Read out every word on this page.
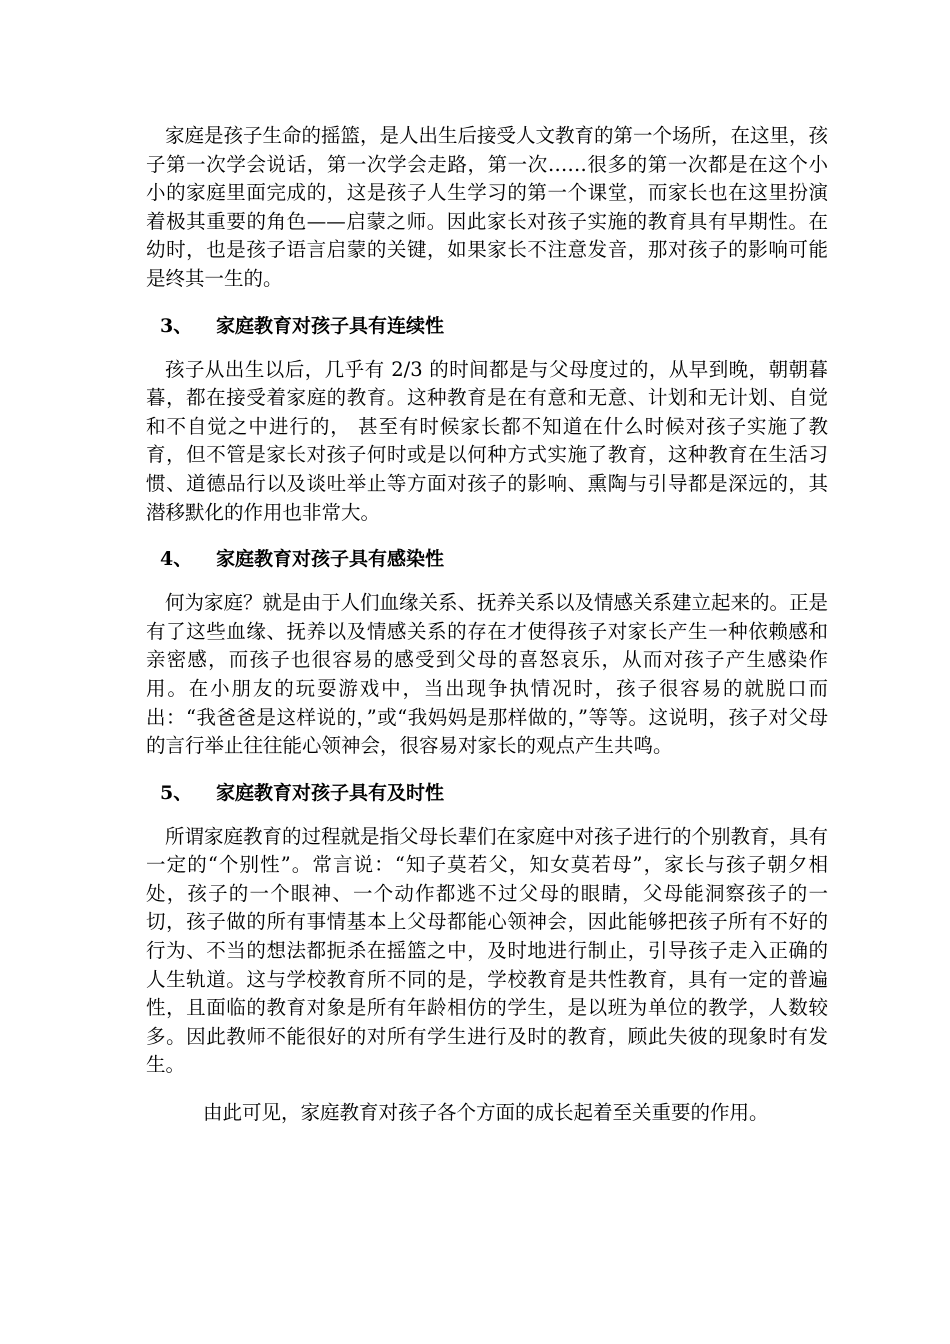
家庭是孩子生命的摇篮，是人出生后接受人文教育的第一个场所，在这里，孩子第一次学会说话，第一次学会走路，第一次……很多的第一次都是在这个小小的家庭里面完成的，这是孩子人生学习的第一个课堂，而家长也在这里扮演着极其重要的角色——启蒙之师。因此家长对孩子实施的教育具有早期性。在幼时，也是孩子语言启蒙的关键，如果家长不注意发音，那对孩子的影响可能是终其一生的。

3、	家庭教育对孩子具有连续性

孩子从出生以后，几乎有 2/3 的时间都是与父母度过的，从早到晚，朝朝暮暮，都在接受着家庭的教育。这种教育是在有意和无意、计划和无计划、自觉和不自觉之中进行的， 甚至有时候家长都不知道在什么时候对孩子实施了教育，但不管是家长对孩子何时或是以何种方式实施了教育，这种教育在生活习惯、道德品行以及谈吐举止等方面对孩子的影响、熏陶与引导都是深远的，其潜移默化的作用也非常大。

4、	家庭教育对孩子具有感染性

何为家庭？就是由于人们血缘关系、抚养关系以及情感关系建立起来的。正是有了这些血缘、抚养以及情感关系的存在才使得孩子对家长产生一种依赖感和亲密感，而孩子也很容易的感受到父母的喜怒哀乐，从而对孩子产生感染作用。在小朋友的玩耍游戏中，当出现争执情况时，孩子很容易的就脱口而出：“我爸爸是这样说的，”或“我妈妈是那样做的，”等等。这说明，孩子对父母的言行举止往往能心领神会，很容易对家长的观点产生共鸣。

5、	家庭教育对孩子具有及时性

所谓家庭教育的过程就是指父母长辈们在家庭中对孩子进行的个别教育，具有一定的“个别性”。常言说：“知子莫若父，知女莫若母”，家长与孩子朝夕相处，孩子的一个眼神、一个动作都逃不过父母的眼睛，父母能洞察孩子的一切，孩子做的所有事情基本上父母都能心领神会，因此能够把孩子所有不好的行为、不当的想法都扼杀在摇篮之中，及时地进行制止，引导孩子走入正确的人生轨道。这与学校教育所不同的是，学校教育是共性教育，具有一定的普遍性，且面临的教育对象是所有年龄相仿的学生，是以班为单位的教学，人数较多。因此教师不能很好的对所有学生进行及时的教育，顾此失彼的现象时有发生。

由此可见，家庭教育对孩子各个方面的成长起着至关重要的作用。
